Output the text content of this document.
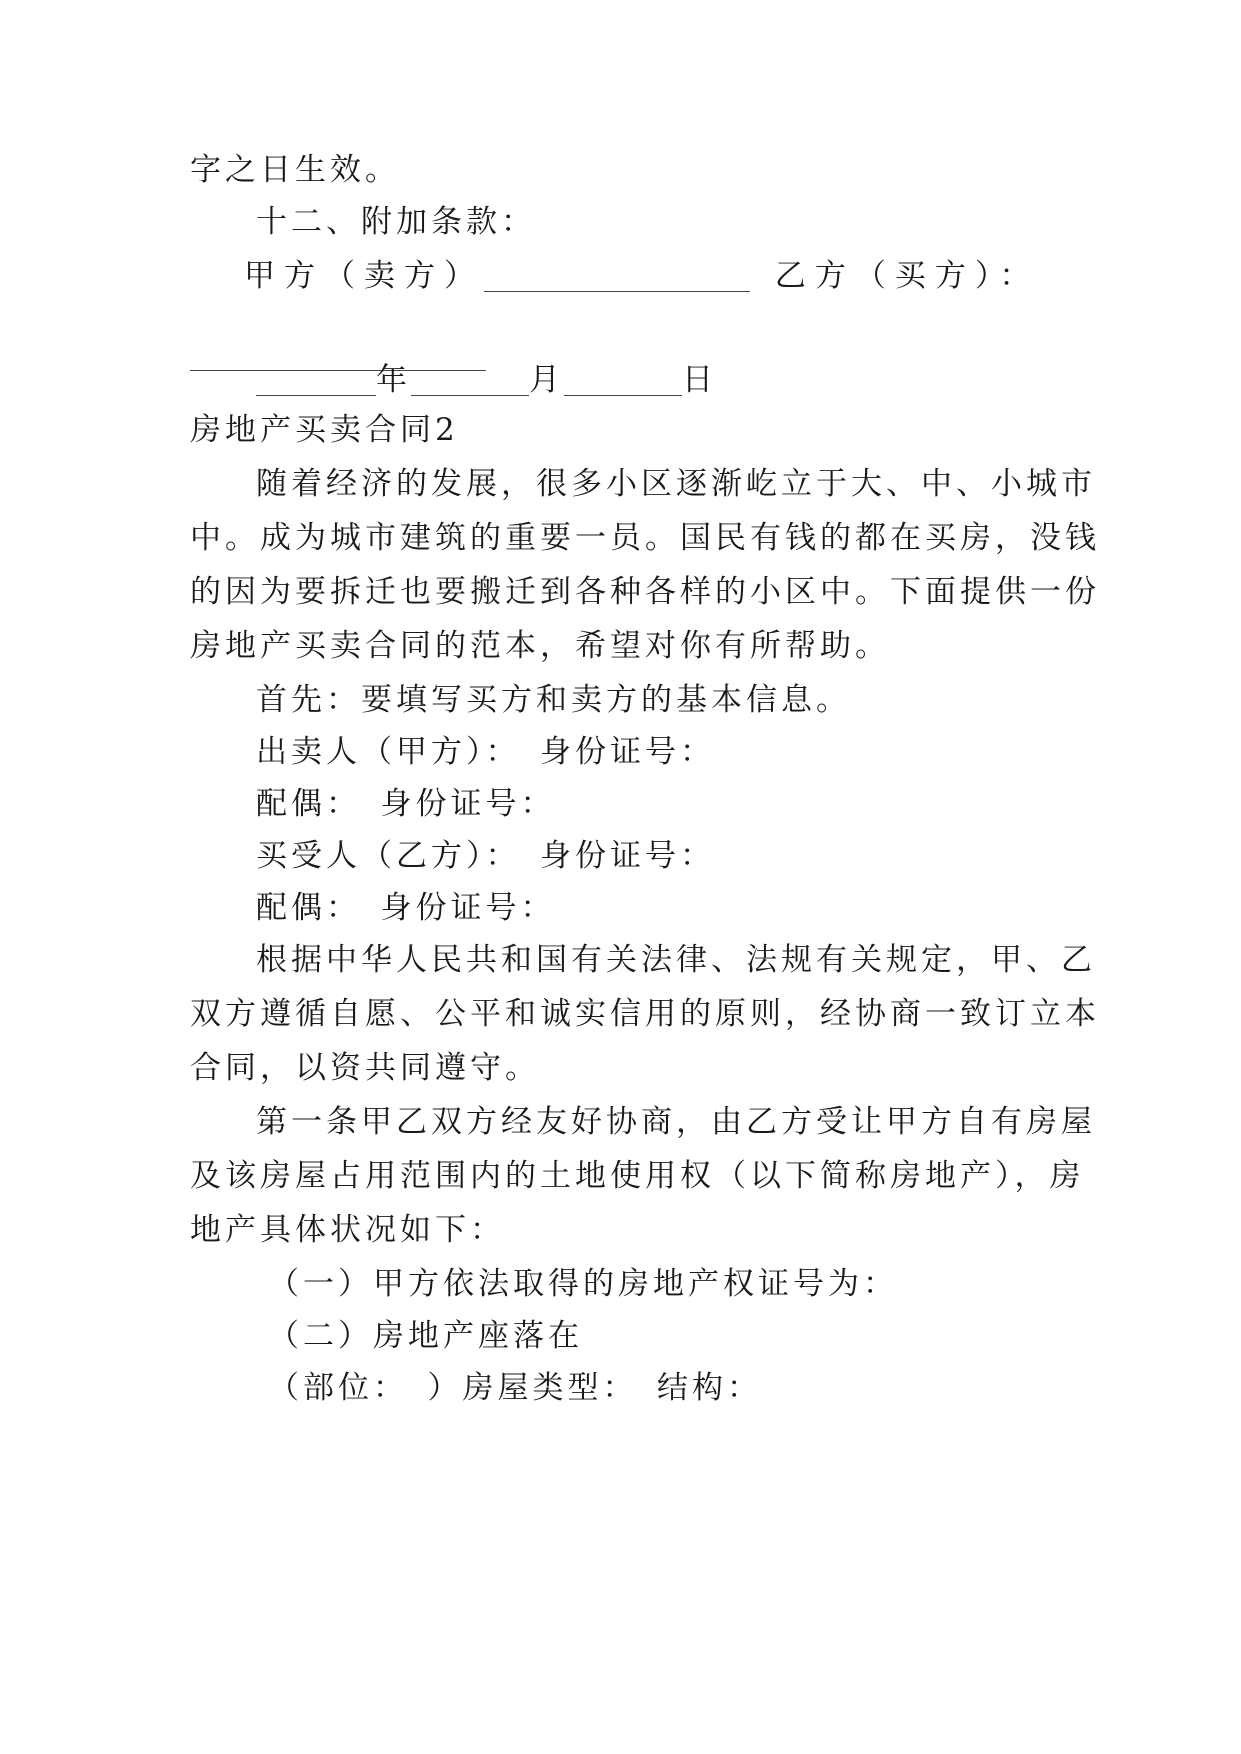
字之日生效。
十二、附加条款：
甲方（卖方）	乙方（买方）：
年	月	日
房地产买卖合同2
随着经济的发展，很多小区逐渐屹立于大、中、小城市
中。成为城市建筑的重要一员。国民有钱的都在买房，没钱
的因为要拆迁也要搬迁到各种各样的小区中。下面提供一份
房地产买卖合同的范本，希望对你有所帮助。
首先：要填写买方和卖方的基本信息。
出卖人（甲方）：　身份证号：
配偶：　身份证号：
买受人（乙方）：　身份证号：
配偶：　身份证号：
根据中华人民共和国有关法律、法规有关规定，甲、乙
双方遵循自愿、公平和诚实信用的原则，经协商一致订立本
合同，以资共同遵守。
第一条甲乙双方经友好协商，由乙方受让甲方自有房屋
及该房屋占用范围内的土地使用权（以下简称房地产），房
地产具体状况如下：
（一）甲方依法取得的房地产权证号为：
（二）房地产座落在
（部位：　）房屋类型：　结构：
